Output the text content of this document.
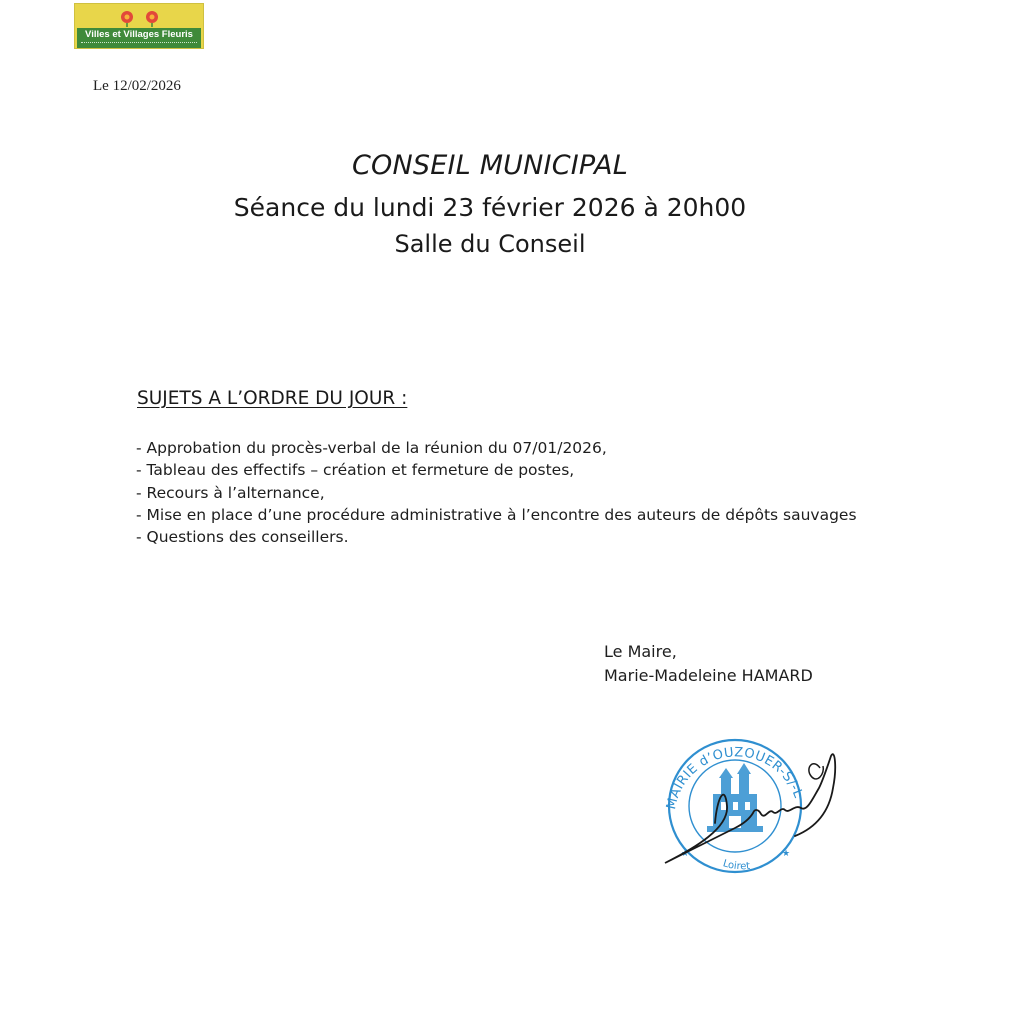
Villes et Villages Fleuris
Le 12/02/2026
CONSEIL MUNICIPAL
Séance du lundi 23 février 2026 à 20h00
Salle du Conseil
SUJETS A L’ORDRE DU JOUR :
- Approbation du procès-verbal de la réunion du 07/01/2026,
- Tableau des effectifs – création et fermeture de postes,
- Recours à l’alternance,
- Mise en place d’une procédure administrative à l’encontre des auteurs de dépôts sauvages
- Questions des conseillers.
Le Maire,
Marie-Madeleine HAMARD
MAIRIE d’OUZOUER-S/-L
Loiret
★	★
